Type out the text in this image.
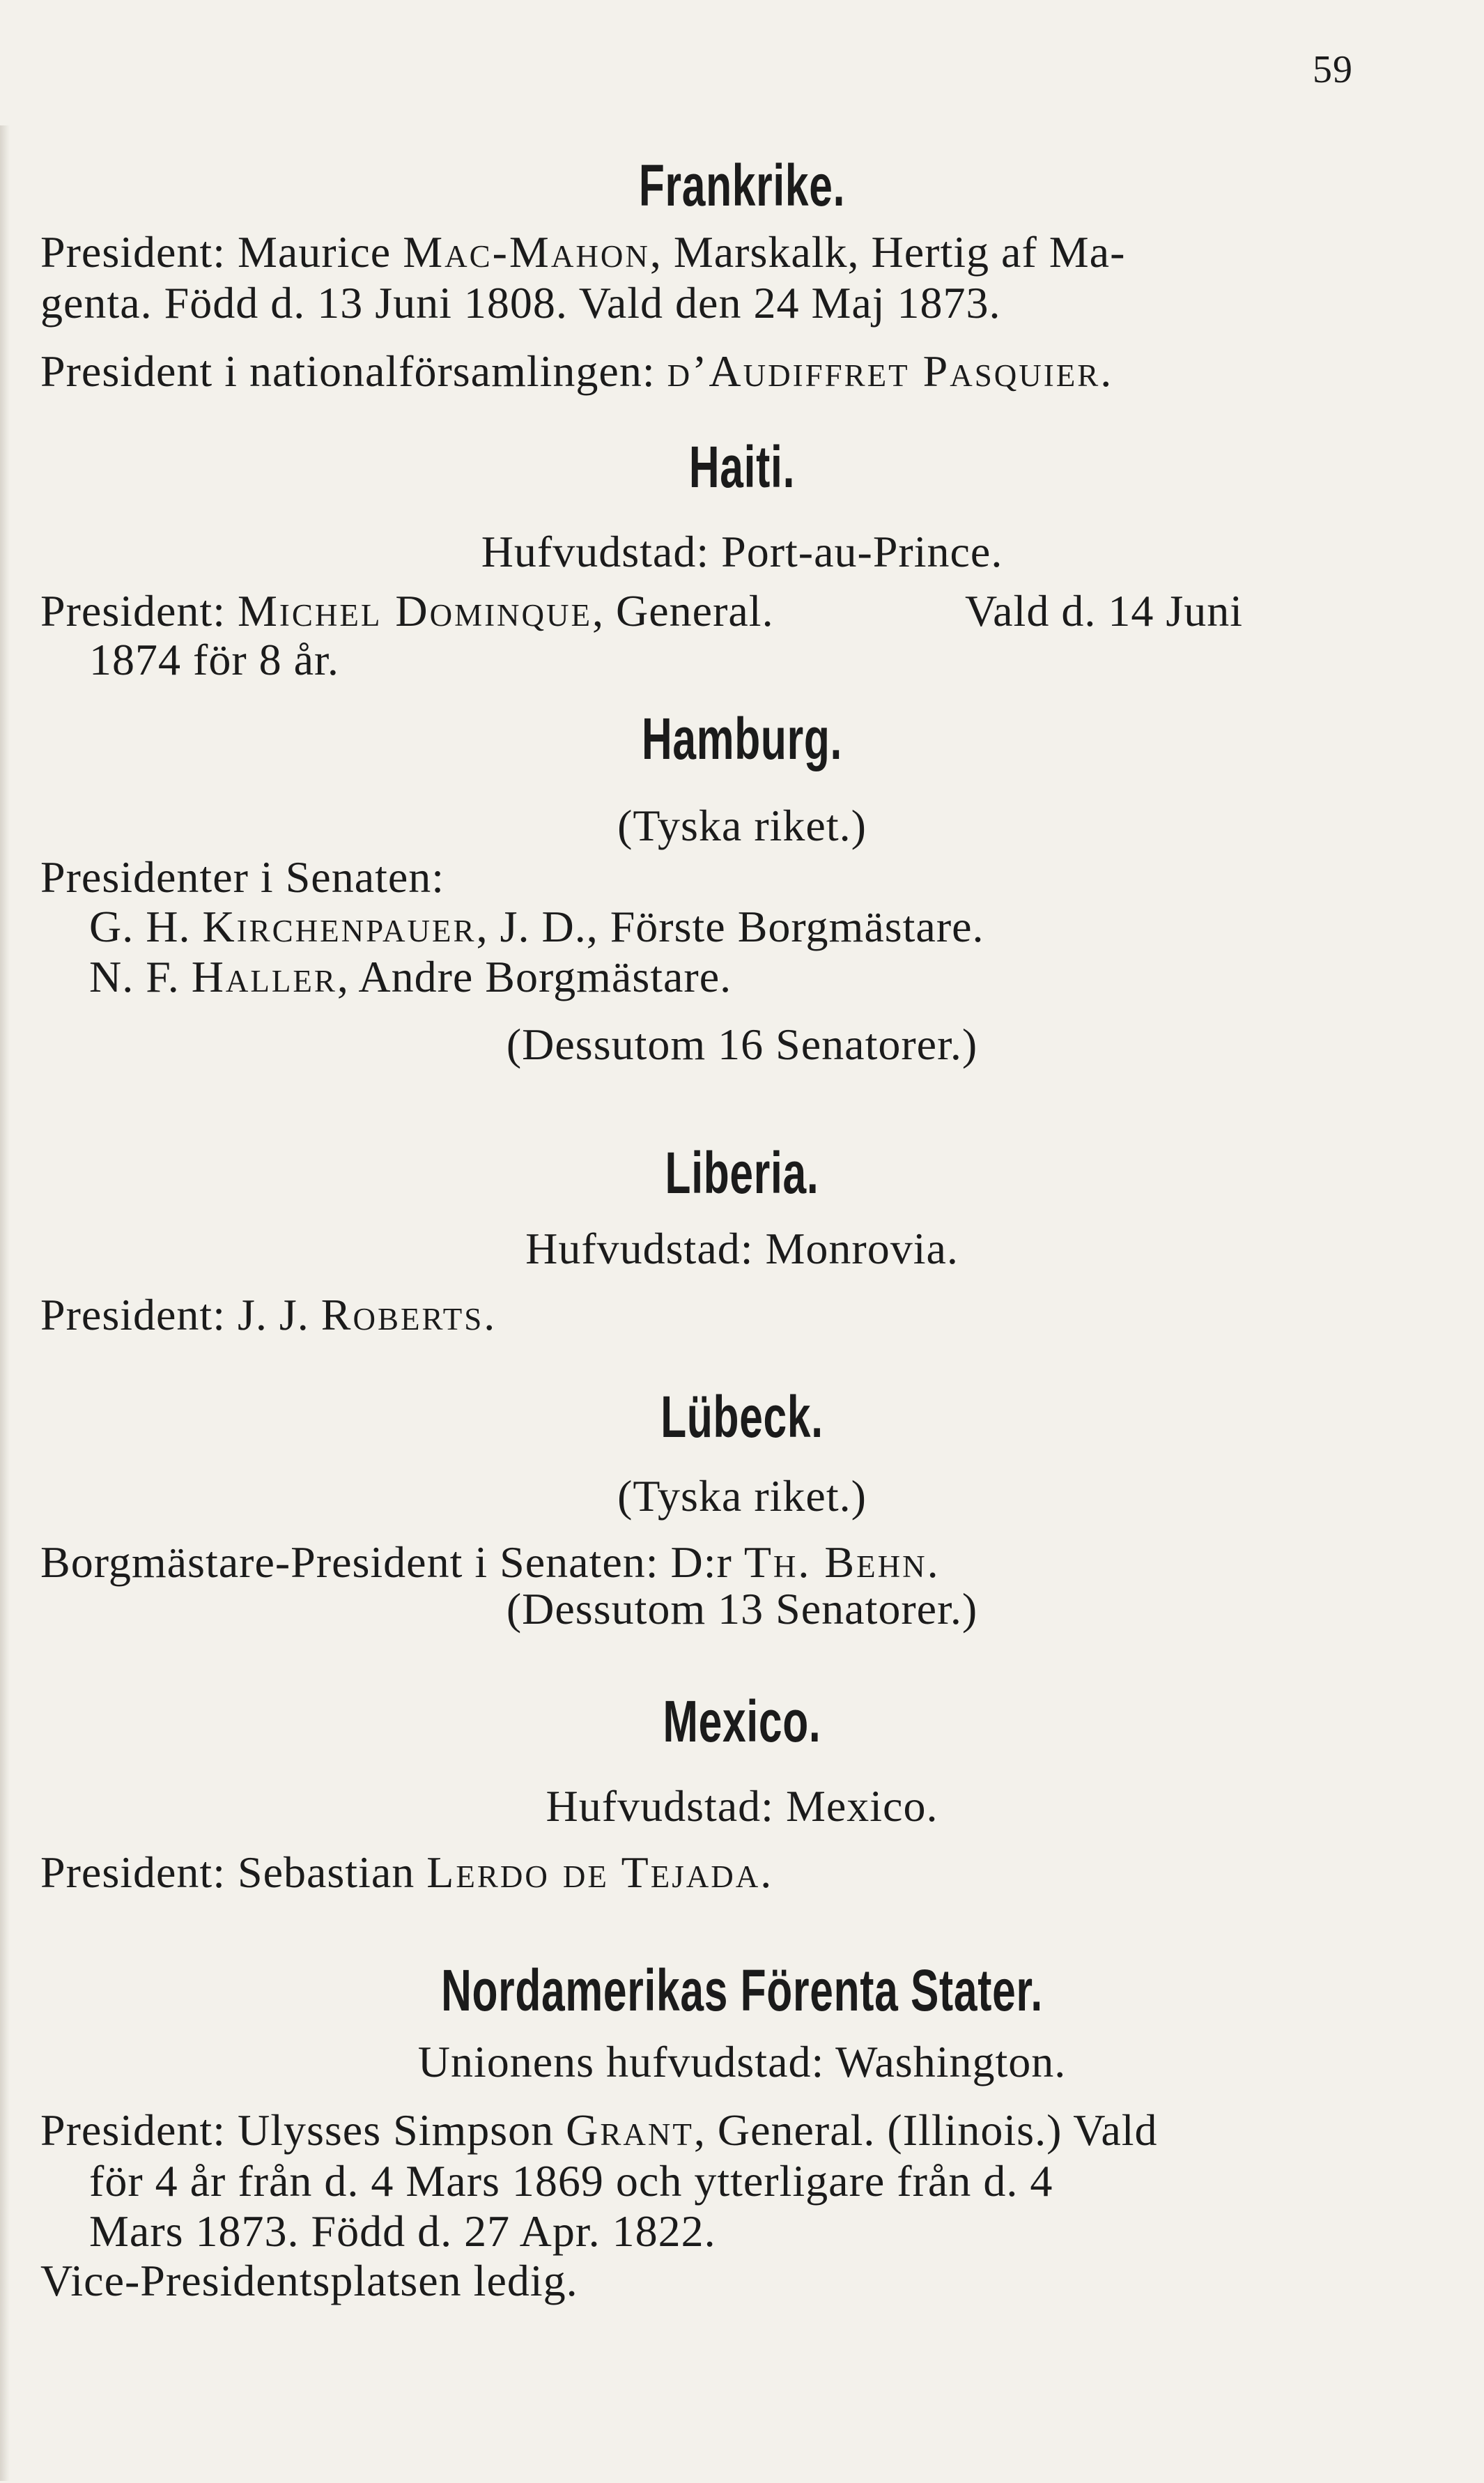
59
Frankrike.
President: Maurice Mac-Mahon, Marskalk, Hertig af Ma-
genta. Född d. 13 Juni 1808. Vald den 24 Maj 1873.
President i nationalförsamlingen: d’Audiffret Pasquier.
Haiti.
Hufvudstad: Port-au-Prince.
President: Michel Dominque, General.	Vald d. 14 Juni
1874 för 8 år.
Hamburg.
(Tyska riket.)
Presidenter i Senaten:
G. H. Kirchenpauer, J. D., Förste Borgmästare.
N. F. Haller, Andre Borgmästare.
(Dessutom 16 Senatorer.)
Liberia.
Hufvudstad: Monrovia.
President: J. J. Roberts.
Lübeck.
(Tyska riket.)
Borgmästare-President i Senaten: D:r Th. Behn.
(Dessutom 13 Senatorer.)
Mexico.
Hufvudstad: Mexico.
President: Sebastian Lerdo de Tejada.
Nordamerikas Förenta Stater.
Unionens hufvudstad: Washington.
President: Ulysses Simpson Grant, General. (Illinois.) Vald
för 4 år från d. 4 Mars 1869 och ytterligare från d. 4
Mars 1873. Född d. 27 Apr. 1822.
Vice-Presidentsplatsen ledig.
